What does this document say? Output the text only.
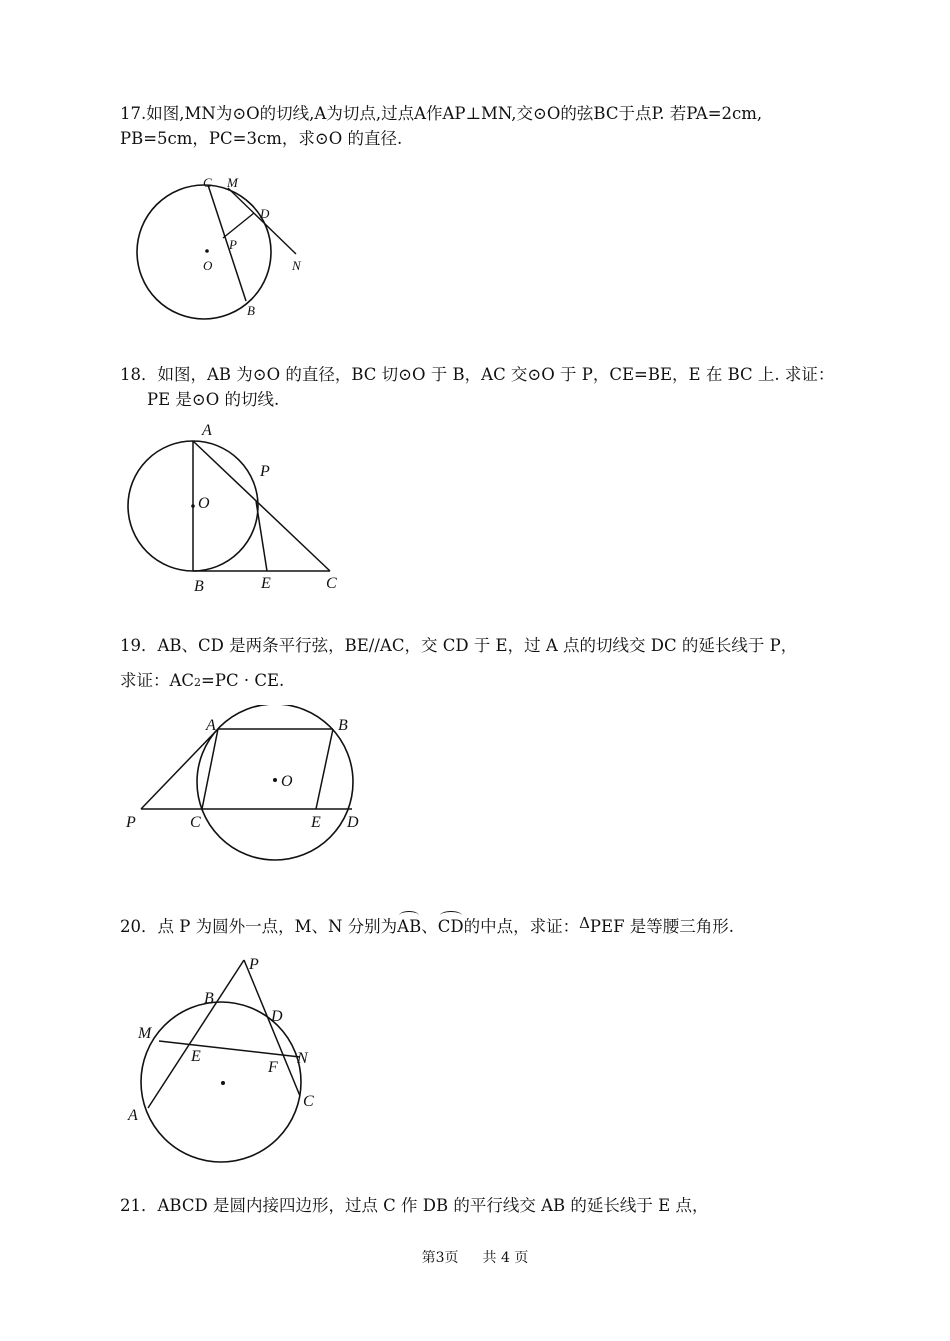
17.如图,MN为⊙O的切线,A为切点,过点A作AP⊥MN,交⊙O的弦BC于点P. 若PA=2cm,
PB=5cm，PC=3cm，求⊙O 的直径.
C M
D
P
O	N
B
18．如图，AB 为⊙O 的直径，BC 切⊙O 于 B，AC 交⊙O 于 P，CE=BE，E 在 BC 上. 求证：
PE 是⊙O 的切线.
A
P
O
B	E	C
19．AB、CD 是两条平行弦，BE//AC，交 CD 于 E，过 A 点的切线交 DC 的延长线于 P，
求证：AC2=PC · CE.
A	B
O
P	C	E D
20．点 P 为圆外一点，M、N 分别为AB、CD的中点，求证：ΔPEF 是等腰三角形.
P
B
D
M
E	N
F
A
C
21．ABCD 是圆内接四边形，过点 C 作 DB 的平行线交 AB 的延长线于 E 点，
第3页 共 4 页
